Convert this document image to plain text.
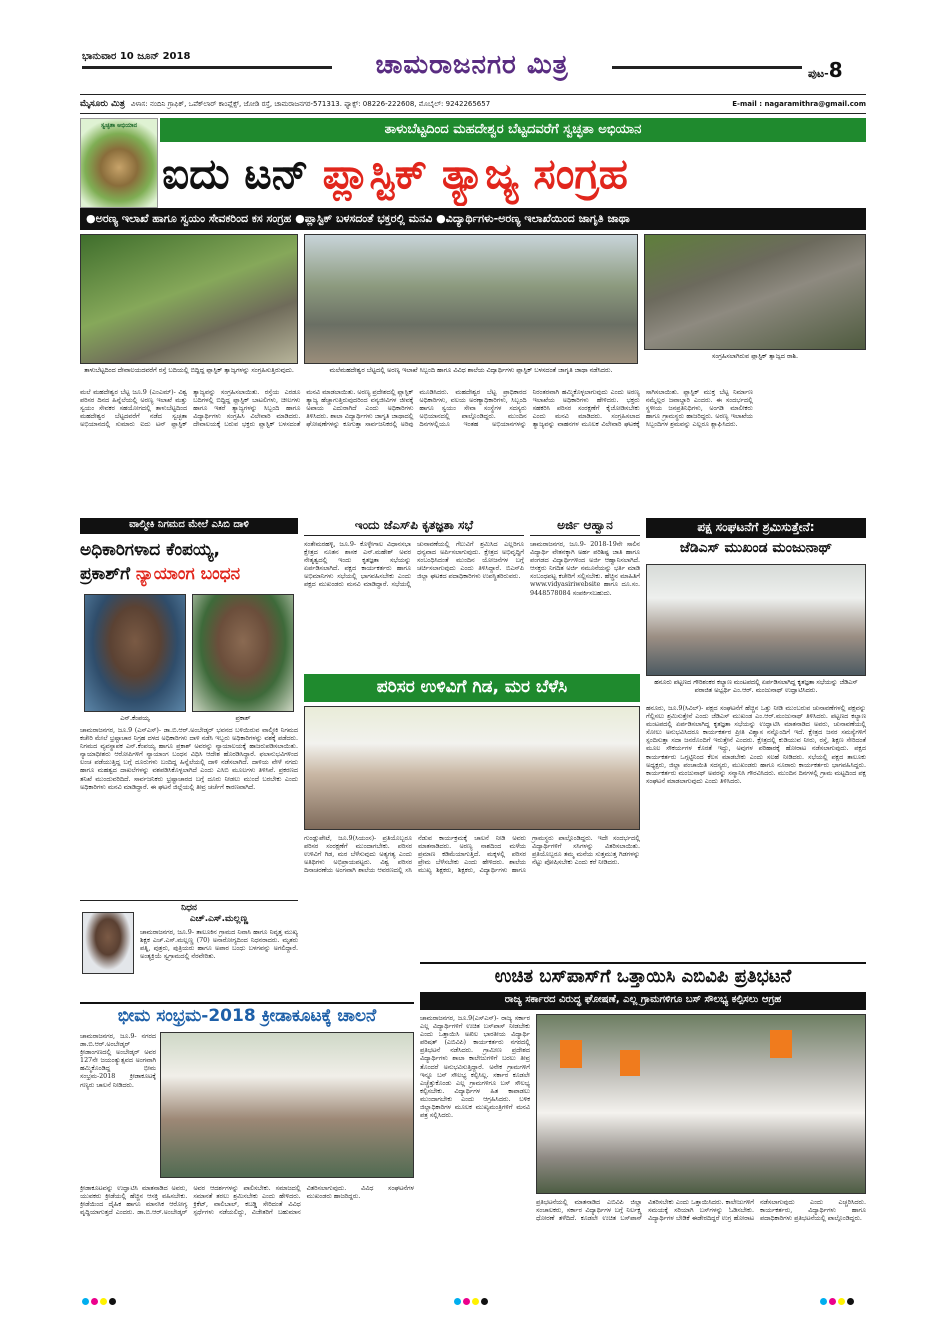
ಭಾನುವಾರ 10 ಜೂನ್ 2018	ಚಾಮರಾಜನಗರ ಮಿತ್ರ	ಪುಟ-8
ಮೈಸೂರು ಮಿತ್ರ ವಿಳಾಸ: ನಂದಿನಿ ಗ್ರಾಫಿಕ್, ಒಪೆಕ್‌ಲಾರ್ ಕಾಂಪ್ಲೆಕ್ಸ್, ಜೋಡಿ ರಸ್ತೆ, ಚಾಮರಾಜನಗರ-571313. ಫ್ಯಾಕ್ಸ್: 08226-222608, ಮೊಬೈಲ್: 9242265657	E-mail : nagaramithra@gmail.com
ಸ್ವಚ್ಛತಾ ಅಭಿಯಾನ	ತಾಳುಬೆಟ್ಟದಿಂದ ಮಹದೇಶ್ವರ ಬೆಟ್ಟದವರೆಗೆ ಸ್ವಚ್ಛತಾ ಅಭಿಯಾನ
ಐದು ಟನ್ ಪ್ಲಾಸ್ಟಿಕ್ ತ್ಯಾಜ್ಯ ಸಂಗ್ರಹ
●ಅರಣ್ಯ ಇಲಾಖೆ ಹಾಗೂ ಸ್ವಯಂ ಸೇವಕರಿಂದ ಕಸ ಸಂಗ್ರಹ ●ಪ್ಲಾಸ್ಟಿಕ್ ಬಳಸದಂತೆ ಭಕ್ತರಲ್ಲಿ ಮನವಿ ●ವಿದ್ಯಾರ್ಥಿಗಳು-ಅರಣ್ಯ ಇಲಾಖೆಯಿಂದ ಜಾಗೃತಿ ಜಾಥಾ
ತಾಳುಬೆಟ್ಟದಿಂದ ದೇವಾಲಯದವರೆಗೆ ರಸ್ತೆ ಬದಿಯಲ್ಲಿ ಬಿದ್ದಿದ್ದ ಪ್ಲಾಸ್ಟಿಕ್ ತ್ಯಾಜ್ಯಗಳನ್ನು ಸಂಗ್ರಹಿಸುತ್ತಿರುವುದು.	ಮಲೆಮಹದೇಶ್ವರ ಬೆಟ್ಟದಲ್ಲಿ ಅರಣ್ಯ ಇಲಾಖೆ ಸಿಬ್ಬಂದಿ ಹಾಗೂ ವಿವಿಧ ಶಾಲೆಯ ವಿದ್ಯಾರ್ಥಿಗಳು ಪ್ಲಾಸ್ಟಿಕ್ ಬಳಸದಂತೆ ಜಾಗೃತಿ ಜಾಥಾ ನಡೆಸಿದರು.
ಸಂಗ್ರಹಿಸಲಾಗಿರುವ ಪ್ಲಾಸ್ಟಿಕ್ ತ್ಯಾಜ್ಯದ ರಾಶಿ.
ಮಲೆ ಮಹದೇಶ್ವರ ಬೆಟ್ಟ ಜೂ.9 (ಎಂಎಮ್)- ವಿಶ್ವ ಪರಿಸರ ದಿನದ ಹಿನ್ನೆಲೆಯಲ್ಲಿ ಅರಣ್ಯ ಇಲಾಖೆ ಮತ್ತು ಸ್ವಯಂ ಸೇವಕರ ಸಹಯೋಗದಲ್ಲಿ ತಾಳುಬೆಟ್ಟದಿಂದ ಮಹದೇಶ್ವರ ಬೆಟ್ಟದವರೆಗೆ ನಡೆದ ಸ್ವಚ್ಛತಾ ಅಭಿಯಾನದಲ್ಲಿ ಸುಮಾರು ಐದು ಟನ್ ಪ್ಲಾಸ್ಟಿಕ್ ತ್ಯಾಜ್ಯವನ್ನು ಸಂಗ್ರಹಿಸಲಾಯಿತು. ರಸ್ತೆಯ ಎರಡೂ ಬದಿಗಳಲ್ಲಿ ಬಿದ್ದಿದ್ದ ಪ್ಲಾಸ್ಟಿಕ್ ಬಾಟಲಿಗಳು, ಚೀಲಗಳು ಹಾಗೂ ಇತರೆ ತ್ಯಾಜ್ಯಗಳನ್ನು ಸಿಬ್ಬಂದಿ ಹಾಗೂ ವಿದ್ಯಾರ್ಥಿಗಳು ಸಂಗ್ರಹಿಸಿ ವಿಲೇವಾರಿ ಮಾಡಿದರು. ದೇವಾಲಯಕ್ಕೆ ಬರುವ ಭಕ್ತರು ಪ್ಲಾಸ್ಟಿಕ್ ಬಳಸದಂತೆ ಮನವಿ ಮಾಡಲಾಯಿತು. ಅರಣ್ಯ ಪ್ರದೇಶದಲ್ಲಿ ಪ್ಲಾಸ್ಟಿಕ್ ತ್ಯಾಜ್ಯ ಹೆಚ್ಚಾಗುತ್ತಿರುವುದರಿಂದ ವನ್ಯಜೀವಿಗಳ ಜೀವಕ್ಕೆ ಅಪಾಯ ಎದುರಾಗಿದೆ ಎಂದು ಅಧಿಕಾರಿಗಳು ತಿಳಿಸಿದರು. ಶಾಲಾ ವಿದ್ಯಾರ್ಥಿಗಳು ಜಾಗೃತಿ ಜಾಥಾದಲ್ಲಿ ಘೋಷಣೆಗಳನ್ನು ಕೂಗುತ್ತಾ ಸಾರ್ವಜನಿಕರಲ್ಲಿ ಅರಿವು ಮೂಡಿಸಿದರು. ಮಹದೇಶ್ವರ ಬೆಟ್ಟ ಪ್ರಾಧಿಕಾರದ ಅಧಿಕಾರಿಗಳು, ವಲಯ ಅರಣ್ಯಾಧಿಕಾರಿಗಳು, ಸಿಬ್ಬಂದಿ ಹಾಗೂ ಸ್ವಯಂ ಸೇವಾ ಸಂಸ್ಥೆಗಳ ಸದಸ್ಯರು ಅಭಿಯಾನದಲ್ಲಿ ಪಾಲ್ಗೊಂಡಿದ್ದರು. ಮುಂದಿನ ದಿನಗಳಲ್ಲಿಯೂ ಇಂತಹ ಅಭಿಯಾನಗಳನ್ನು ನಿರಂತರವಾಗಿ ಹಮ್ಮಿಕೊಳ್ಳಲಾಗುವುದು ಎಂದು ಅರಣ್ಯ ಇಲಾಖೆಯ ಅಧಿಕಾರಿಗಳು ಹೇಳಿದರು. ಭಕ್ತರು ಸಹಕರಿಸಿ ಪರಿಸರ ಸಂರಕ್ಷಣೆಗೆ ಕೈಜೋಡಿಸಬೇಕು ಎಂದು ಮನವಿ ಮಾಡಿದರು. ಸಂಗ್ರಹಿಸಲಾದ ತ್ಯಾಜ್ಯವನ್ನು ವಾಹನಗಳ ಮೂಲಕ ವಿಲೇವಾರಿ ಘಟಕಕ್ಕೆ ಸಾಗಿಸಲಾಯಿತು. ಪ್ಲಾಸ್ಟಿಕ್ ಮುಕ್ತ ಬೆಟ್ಟ ನಿರ್ಮಾಣ ನಮ್ಮೆಲ್ಲರ ಜವಾಬ್ದಾರಿ ಎಂದರು. ಈ ಸಂದರ್ಭದಲ್ಲಿ ಸ್ಥಳೀಯ ಜನಪ್ರತಿನಿಧಿಗಳು, ಅಂಗಡಿ ಮಾಲೀಕರು ಹಾಗೂ ಗ್ರಾಮಸ್ಥರು ಹಾಜರಿದ್ದರು. ಅರಣ್ಯ ಇಲಾಖೆಯ ಸಿಬ್ಬಂದಿಗಳ ಶ್ರಮವನ್ನು ಎಲ್ಲರೂ ಶ್ಲಾಘಿಸಿದರು.
ವಾಲ್ಮೀಕಿ ನಿಗಮದ ಮೇಲೆ ಎಸಿಬಿ ದಾಳಿ
ಅಧಿಕಾರಿಗಳಾದ ಕೆಂಪಯ್ಯ,
ಪ್ರಕಾಶ್‌ಗೆ ನ್ಯಾಯಾಂಗ ಬಂಧನ
ಎನ್.ಕೆಂಪಯ್ಯ	ಪ್ರಕಾಶ್
ಚಾಮರಾಜನಗರ, ಜೂ.9 (ಎಸ್‌ಎಸ್)- ಡಾ.ಬಿ.ಆರ್.ಅಂಬೇಡ್ಕರ್ ಭವನದ ಬಳಿಯಿರುವ ವಾಲ್ಮೀಕಿ ನಿಗಮದ ಕಚೇರಿ ಮೇಲೆ ಭ್ರಷ್ಟಾಚಾರ ನಿಗ್ರಹ ದಳದ ಅಧಿಕಾರಿಗಳು ದಾಳಿ ನಡೆಸಿ ಇಬ್ಬರು ಅಧಿಕಾರಿಗಳನ್ನು ವಶಕ್ಕೆ ಪಡೆದರು. ನಿಗಮದ ವ್ಯವಸ್ಥಾಪಕ ಎನ್.ಕೆಂಪಯ್ಯ ಹಾಗೂ ಪ್ರಕಾಶ್ ಅವರನ್ನು ನ್ಯಾಯಾಲಯಕ್ಕೆ ಹಾಜರುಪಡಿಸಲಾಯಿತು. ನ್ಯಾಯಾಧೀಶರು ಆರೋಪಿಗಳಿಗೆ ನ್ಯಾಯಾಂಗ ಬಂಧನ ವಿಧಿಸಿ ಆದೇಶ ಹೊರಡಿಸಿದ್ದಾರೆ. ಫಲಾನುಭವಿಗಳಿಂದ ಲಂಚ ಪಡೆಯುತ್ತಿದ್ದ ಬಗ್ಗೆ ದೂರುಗಳು ಬಂದಿದ್ದ ಹಿನ್ನೆಲೆಯಲ್ಲಿ ದಾಳಿ ನಡೆಸಲಾಗಿದೆ. ದಾಳಿಯ ವೇಳೆ ನಗದು ಹಾಗೂ ಮಹತ್ವದ ದಾಖಲೆಗಳನ್ನು ವಶಪಡಿಸಿಕೊಳ್ಳಲಾಗಿದೆ ಎಂದು ಎಸಿಬಿ ಮೂಲಗಳು ತಿಳಿಸಿವೆ. ಪ್ರಕರಣದ ತನಿಖೆ ಮುಂದುವರಿದಿದೆ. ಸಾರ್ವಜನಿಕರು ಭ್ರಷ್ಟಾಚಾರದ ಬಗ್ಗೆ ದೂರು ನೀಡಲು ಮುಂದೆ ಬರಬೇಕು ಎಂದು ಅಧಿಕಾರಿಗಳು ಮನವಿ ಮಾಡಿದ್ದಾರೆ. ಈ ಘಟನೆ ಜಿಲ್ಲೆಯಲ್ಲಿ ತೀವ್ರ ಚರ್ಚೆಗೆ ಕಾರಣವಾಗಿದೆ.
ನಿಧನ
ಎಚ್.ಎಸ್.ಮಲ್ಲಣ್ಣ
ಚಾಮರಾಜನಗರ, ಜೂ.9- ತಾಲೂಕಿನ ಗ್ರಾಮದ ನಿವಾಸಿ ಹಾಗೂ ನಿವೃತ್ತ ಮುಖ್ಯ ಶಿಕ್ಷಕ ಎಚ್.ಎಸ್.ಮಲ್ಲಣ್ಣ (70) ಅನಾರೋಗ್ಯದಿಂದ ನಿಧನರಾದರು. ಮೃತರು ಪತ್ನಿ, ಪುತ್ರರು, ಪುತ್ರಿಯರು ಹಾಗೂ ಅಪಾರ ಬಂಧು ಬಳಗವನ್ನು ಅಗಲಿದ್ದಾರೆ. ಅಂತ್ಯಕ್ರಿಯೆ ಸ್ವಗ್ರಾಮದಲ್ಲಿ ನೆರವೇರಿತು.
ಇಂದು ಜೆಎಸ್‌ಪಿ ಕೃತಜ್ಞತಾ ಸಭೆ
ಸಂತೇಮರಹಳ್ಳಿ, ಜೂ.9- ಕೊಳ್ಳೇಗಾಲ ವಿಧಾನಸಭಾ ಕ್ಷೇತ್ರದ ನೂತನ ಶಾಸಕ ಎನ್.ಮಹೇಶ್ ಅವರ ನೇತೃತ್ವದಲ್ಲಿ ಇಂದು ಕೃತಜ್ಞತಾ ಸಭೆಯನ್ನು ಏರ್ಪಡಿಸಲಾಗಿದೆ. ಪಕ್ಷದ ಕಾರ್ಯಕರ್ತರು ಹಾಗೂ ಅಭಿಮಾನಿಗಳು ಸಭೆಯಲ್ಲಿ ಭಾಗವಹಿಸಬೇಕು ಎಂದು ಪಕ್ಷದ ಮುಖಂಡರು ಮನವಿ ಮಾಡಿದ್ದಾರೆ. ಸಭೆಯಲ್ಲಿ ಚುನಾವಣೆಯಲ್ಲಿ ಗೆಲುವಿಗೆ ಶ್ರಮಿಸಿದ ಎಲ್ಲರಿಗೂ ಧನ್ಯವಾದ ಅರ್ಪಿಸಲಾಗುವುದು. ಕ್ಷೇತ್ರದ ಅಭಿವೃದ್ಧಿಗೆ ಸಂಬಂಧಿಸಿದಂತೆ ಮುಂದಿನ ಯೋಜನೆಗಳ ಬಗ್ಗೆ ಚರ್ಚಿಸಲಾಗುವುದು ಎಂದು ತಿಳಿಸಿದ್ದಾರೆ. ಬಿಎಸ್‌ಪಿ ಜಿಲ್ಲಾ ಘಟಕದ ಪದಾಧಿಕಾರಿಗಳು ಉಪಸ್ಥಿತರಿರುವರು.
ಅರ್ಜಿ ಆಹ್ವಾನ
ಚಾಮರಾಜನಗರ, ಜೂ.9- 2018-19ನೇ ಸಾಲಿನ ವಿದ್ಯಾರ್ಥಿ ವೇತನಕ್ಕಾಗಿ ಅರ್ಹ ಪರಿಶಿಷ್ಟ ಜಾತಿ ಹಾಗೂ ಪಂಗಡದ ವಿದ್ಯಾರ್ಥಿಗಳಿಂದ ಅರ್ಜಿ ಆಹ್ವಾನಿಸಲಾಗಿದೆ. ಆಸಕ್ತರು ನಿಗದಿತ ಅರ್ಜಿ ನಮೂನೆಯನ್ನು ಭರ್ತಿ ಮಾಡಿ ಸಂಬಂಧಪಟ್ಟ ಕಚೇರಿಗೆ ಸಲ್ಲಿಸಬೇಕು. ಹೆಚ್ಚಿನ ಮಾಹಿತಿಗೆ www.vidyasiriwebsite ಹಾಗೂ ದೂ.ಸಂ. 9448578084 ಸಂಪರ್ಕಿಸಬಹುದು.
ಪಕ್ಷ ಸಂಘಟನೆಗೆ ಶ್ರಮಿಸುತ್ತೇನೆ:
ಜೆಡಿಎಸ್ ಮುಖಂಡ ಮಂಜುನಾಥ್
ಹನೂರು ಪಟ್ಟಣದ ಗೌರಿಶಂಕರ ಕಲ್ಯಾಣ ಮಂಟಪದಲ್ಲಿ ಏರ್ಪಡಿಸಲಾಗಿದ್ದ ಕೃತಜ್ಞತಾ ಸಭೆಯನ್ನು ಜೆಡಿಎಸ್ ಪರಾಜಿತ ಅಭ್ಯರ್ಥಿ ಎಂ.ಆರ್. ಮಂಜುನಾಥ್ ಉದ್ಘಾಟಿಸಿದರು.
ಹನೂರು, ಜೂ.9(ಸಿವಿಲ್)- ಪಕ್ಷದ ಸಂಘಟನೆಗೆ ಹೆಚ್ಚಿನ ಒತ್ತು ನೀಡಿ ಮುಂಬರುವ ಚುನಾವಣೆಗಳಲ್ಲಿ ಪಕ್ಷವನ್ನು ಗೆಲ್ಲಿಸಲು ಶ್ರಮಿಸುತ್ತೇನೆ ಎಂದು ಜೆಡಿಎಸ್ ಮುಖಂಡ ಎಂ.ಆರ್.ಮಂಜುನಾಥ್ ತಿಳಿಸಿದರು. ಪಟ್ಟಣದ ಕಲ್ಯಾಣ ಮಂಟಪದಲ್ಲಿ ಏರ್ಪಡಿಸಲಾಗಿದ್ದ ಕೃತಜ್ಞತಾ ಸಭೆಯನ್ನು ಉದ್ಘಾಟಿಸಿ ಮಾತನಾಡಿದ ಅವರು, ಚುನಾವಣೆಯಲ್ಲಿ ಸೋಲು ಅನುಭವಿಸಿದರೂ ಕಾರ್ಯಕರ್ತರ ಪ್ರೀತಿ ವಿಶ್ವಾಸ ನನ್ನೊಂದಿಗೆ ಇದೆ. ಕ್ಷೇತ್ರದ ಜನರ ಸಮಸ್ಯೆಗಳಿಗೆ ಸ್ಪಂದಿಸುತ್ತಾ ಸದಾ ಜನರೊಂದಿಗೆ ಇರುತ್ತೇನೆ ಎಂದರು. ಕ್ಷೇತ್ರದಲ್ಲಿ ಕುಡಿಯುವ ನೀರು, ರಸ್ತೆ, ಶಿಕ್ಷಣ ಸೇರಿದಂತೆ ಮೂಲ ಸೌಕರ್ಯಗಳ ಕೊರತೆ ಇದ್ದು, ಅವುಗಳ ಪರಿಹಾರಕ್ಕೆ ಹೋರಾಟ ನಡೆಸಲಾಗುವುದು. ಪಕ್ಷದ ಕಾರ್ಯಕರ್ತರು ಒಗ್ಗಟ್ಟಿನಿಂದ ಕೆಲಸ ಮಾಡಬೇಕು ಎಂದು ಸಲಹೆ ನೀಡಿದರು. ಸಭೆಯಲ್ಲಿ ಪಕ್ಷದ ತಾಲೂಕು ಅಧ್ಯಕ್ಷರು, ಜಿಲ್ಲಾ ಪಂಚಾಯಿತಿ ಸದಸ್ಯರು, ಮುಖಂಡರು ಹಾಗೂ ನೂರಾರು ಕಾರ್ಯಕರ್ತರು ಭಾಗವಹಿಸಿದ್ದರು. ಕಾರ್ಯಕರ್ತರು ಮಂಜುನಾಥ್ ಅವರನ್ನು ಸನ್ಮಾನಿಸಿ ಗೌರವಿಸಿದರು. ಮುಂದಿನ ದಿನಗಳಲ್ಲಿ ಗ್ರಾಮ ಮಟ್ಟದಿಂದ ಪಕ್ಷ ಸಂಘಟನೆ ಮಾಡಲಾಗುವುದು ಎಂದು ತಿಳಿಸಿದರು.
ಪರಿಸರ ಉಳಿವಿಗೆ ಗಿಡ, ಮರ ಬೆಳೆಸಿ
ಗುಂಡ್ಲುಪೇಟೆ, ಜೂ.9(ಸಿಯಂಸ)- ಪ್ರತಿಯೊಬ್ಬರೂ ಪರಿಸರ ಸಂರಕ್ಷಣೆಗೆ ಮುಂದಾಗಬೇಕು. ಪರಿಸರ ಉಳಿವಿಗೆ ಗಿಡ, ಮರ ಬೆಳೆಸುವುದು ಅತ್ಯಗತ್ಯ ಎಂದು ಅತಿಥಿಗಳು ಅಭಿಪ್ರಾಯಪಟ್ಟರು. ವಿಶ್ವ ಪರಿಸರ ದಿನಾಚರಣೆಯ ಅಂಗವಾಗಿ ಶಾಲೆಯ ಆವರಣದಲ್ಲಿ ಸಸಿ ನೆಡುವ ಕಾರ್ಯಕ್ರಮಕ್ಕೆ ಚಾಲನೆ ನೀಡಿ ಅವರು ಮಾತನಾಡಿದರು. ಅರಣ್ಯ ನಾಶದಿಂದ ಮಳೆಯ ಪ್ರಮಾಣ ಕಡಿಮೆಯಾಗುತ್ತಿದೆ. ಮಕ್ಕಳಲ್ಲಿ ಪರಿಸರ ಪ್ರೇಮ ಬೆಳೆಸಬೇಕು ಎಂದು ಹೇಳಿದರು. ಶಾಲೆಯ ಮುಖ್ಯ ಶಿಕ್ಷಕರು, ಶಿಕ್ಷಕರು, ವಿದ್ಯಾರ್ಥಿಗಳು ಹಾಗೂ ಗ್ರಾಮಸ್ಥರು ಪಾಲ್ಗೊಂಡಿದ್ದರು. ಇದೇ ಸಂದರ್ಭದಲ್ಲಿ ವಿದ್ಯಾರ್ಥಿಗಳಿಗೆ ಸಸಿಗಳನ್ನು ವಿತರಿಸಲಾಯಿತು. ಪ್ರತಿಯೊಬ್ಬರೂ ತಮ್ಮ ಮನೆಯ ಸುತ್ತಮುತ್ತ ಗಿಡಗಳನ್ನು ನೆಟ್ಟು ಪೋಷಿಸಬೇಕು ಎಂದು ಕರೆ ನೀಡಿದರು.
ಉಚಿತ ಬಸ್‌ಪಾಸ್‌ಗೆ ಒತ್ತಾಯಿಸಿ ಎಬಿವಿಪಿ ಪ್ರತಿಭಟನೆ
ರಾಜ್ಯ ಸರ್ಕಾರದ ವಿರುದ್ಧ ಘೋಷಣೆ, ಎಲ್ಲ ಗ್ರಾಮಗಳಿಗೂ ಬಸ್ ಸೌಲಭ್ಯ ಕಲ್ಪಿಸಲು ಆಗ್ರಹ
ಚಾಮರಾಜನಗರ, ಜೂ.9(ಎಸ್‌ಎಸ್)- ರಾಜ್ಯ ಸರ್ಕಾರ ಎಲ್ಲ ವಿದ್ಯಾರ್ಥಿಗಳಿಗೆ ಉಚಿತ ಬಸ್‌ಪಾಸ್ ನೀಡಬೇಕು ಎಂದು ಒತ್ತಾಯಿಸಿ ಅಖಿಲ ಭಾರತೀಯ ವಿದ್ಯಾರ್ಥಿ ಪರಿಷತ್ (ಎಬಿವಿಪಿ) ಕಾರ್ಯಕರ್ತರು ನಗರದಲ್ಲಿ ಪ್ರತಿಭಟನೆ ನಡೆಸಿದರು. ಗ್ರಾಮೀಣ ಪ್ರದೇಶದ ವಿದ್ಯಾರ್ಥಿಗಳು ಶಾಲಾ ಕಾಲೇಜುಗಳಿಗೆ ಬರಲು ತೀವ್ರ ತೊಂದರೆ ಅನುಭವಿಸುತ್ತಿದ್ದಾರೆ. ಅನೇಕ ಗ್ರಾಮಗಳಿಗೆ ಇನ್ನೂ ಬಸ್ ಸೌಲಭ್ಯ ಕಲ್ಪಿಸಿಲ್ಲ. ಸರ್ಕಾರ ಕೂಡಲೇ ಎಚ್ಚೆತ್ತುಕೊಂಡು ಎಲ್ಲ ಗ್ರಾಮಗಳಿಗೂ ಬಸ್ ಸೌಲಭ್ಯ ಕಲ್ಪಿಸಬೇಕು. ವಿದ್ಯಾರ್ಥಿಗಳ ಹಿತ ಕಾಪಾಡಲು ಮುಂದಾಗಬೇಕು ಎಂದು ಆಗ್ರಹಿಸಿದರು. ಬಳಿಕ ಜಿಲ್ಲಾಧಿಕಾರಿಗಳ ಮೂಲಕ ಮುಖ್ಯಮಂತ್ರಿಗಳಿಗೆ ಮನವಿ ಪತ್ರ ಸಲ್ಲಿಸಿದರು.
ಪ್ರತಿಭಟನೆಯಲ್ಲಿ ಮಾತನಾಡಿದ ಎಬಿವಿಪಿ ಜಿಲ್ಲಾ ಸಂಚಾಲಕರು, ಸರ್ಕಾರ ವಿದ್ಯಾರ್ಥಿಗಳ ಬಗ್ಗೆ ನಿರ್ಲಕ್ಷ್ಯ ಧೋರಣೆ ತಳೆದಿದೆ. ಕೂಡಲೇ ಉಚಿತ ಬಸ್‌ಪಾಸ್ ವಿತರಿಸಬೇಕು ಎಂದು ಒತ್ತಾಯಿಸಿದರು. ಕಾಲೇಜುಗಳಿಗೆ ಸಮಯಕ್ಕೆ ಸರಿಯಾಗಿ ಬಸ್‌ಗಳನ್ನು ಓಡಿಸಬೇಕು. ವಿದ್ಯಾರ್ಥಿಗಳ ಬೇಡಿಕೆ ಈಡೇರದಿದ್ದರೆ ಉಗ್ರ ಹೋರಾಟ ನಡೆಸಲಾಗುವುದು ಎಂದು ಎಚ್ಚರಿಸಿದರು. ಕಾರ್ಯಕರ್ತರು, ವಿದ್ಯಾರ್ಥಿಗಳು ಹಾಗೂ ಪದಾಧಿಕಾರಿಗಳು ಪ್ರತಿಭಟನೆಯಲ್ಲಿ ಪಾಲ್ಗೊಂಡಿದ್ದರು.
ಭೀಮ ಸಂಭ್ರಮ-2018 ಕ್ರೀಡಾಕೂಟಕ್ಕೆ ಚಾಲನೆ
ಚಾಮರಾಜನಗರ, ಜೂ.9- ನಗರದ ಡಾ.ಬಿ.ಆರ್.ಅಂಬೇಡ್ಕರ್ ಕ್ರೀಡಾಂಗಣದಲ್ಲಿ ಅಂಬೇಡ್ಕರ್ ಅವರ 127ನೇ ಜಯಂತ್ಯುತ್ಸವದ ಅಂಗವಾಗಿ ಹಮ್ಮಿಕೊಂಡಿದ್ದ ಭೀಮ ಸಂಭ್ರಮ-2018 ಕ್ರೀಡಾಕೂಟಕ್ಕೆ ಗಣ್ಯರು ಚಾಲನೆ ನೀಡಿದರು.
ಕ್ರೀಡಾಕೂಟವನ್ನು ಉದ್ಘಾಟಿಸಿ ಮಾತನಾಡಿದ ಅವರು, ಯುವಕರು ಕ್ರೀಡೆಯಲ್ಲಿ ಹೆಚ್ಚಿನ ಆಸಕ್ತಿ ವಹಿಸಬೇಕು. ಕ್ರೀಡೆಯಿಂದ ದೈಹಿಕ ಹಾಗೂ ಮಾನಸಿಕ ಆರೋಗ್ಯ ವೃದ್ಧಿಯಾಗುತ್ತದೆ ಎಂದರು. ಡಾ.ಬಿ.ಆರ್.ಅಂಬೇಡ್ಕರ್ ಅವರ ಆದರ್ಶಗಳನ್ನು ಪಾಲಿಸಬೇಕು. ಸಮಾಜದಲ್ಲಿ ಸಮಾನತೆ ತರಲು ಶ್ರಮಿಸಬೇಕು ಎಂದು ಹೇಳಿದರು. ಕ್ರಿಕೆಟ್, ವಾಲಿಬಾಲ್, ಕಬಡ್ಡಿ ಸೇರಿದಂತೆ ವಿವಿಧ ಸ್ಪರ್ಧೆಗಳು ನಡೆಯಲಿದ್ದು, ವಿಜೇತರಿಗೆ ಬಹುಮಾನ ವಿತರಿಸಲಾಗುವುದು. ವಿವಿಧ ಸಂಘಟನೆಗಳ ಮುಖಂಡರು ಹಾಜರಿದ್ದರು.
